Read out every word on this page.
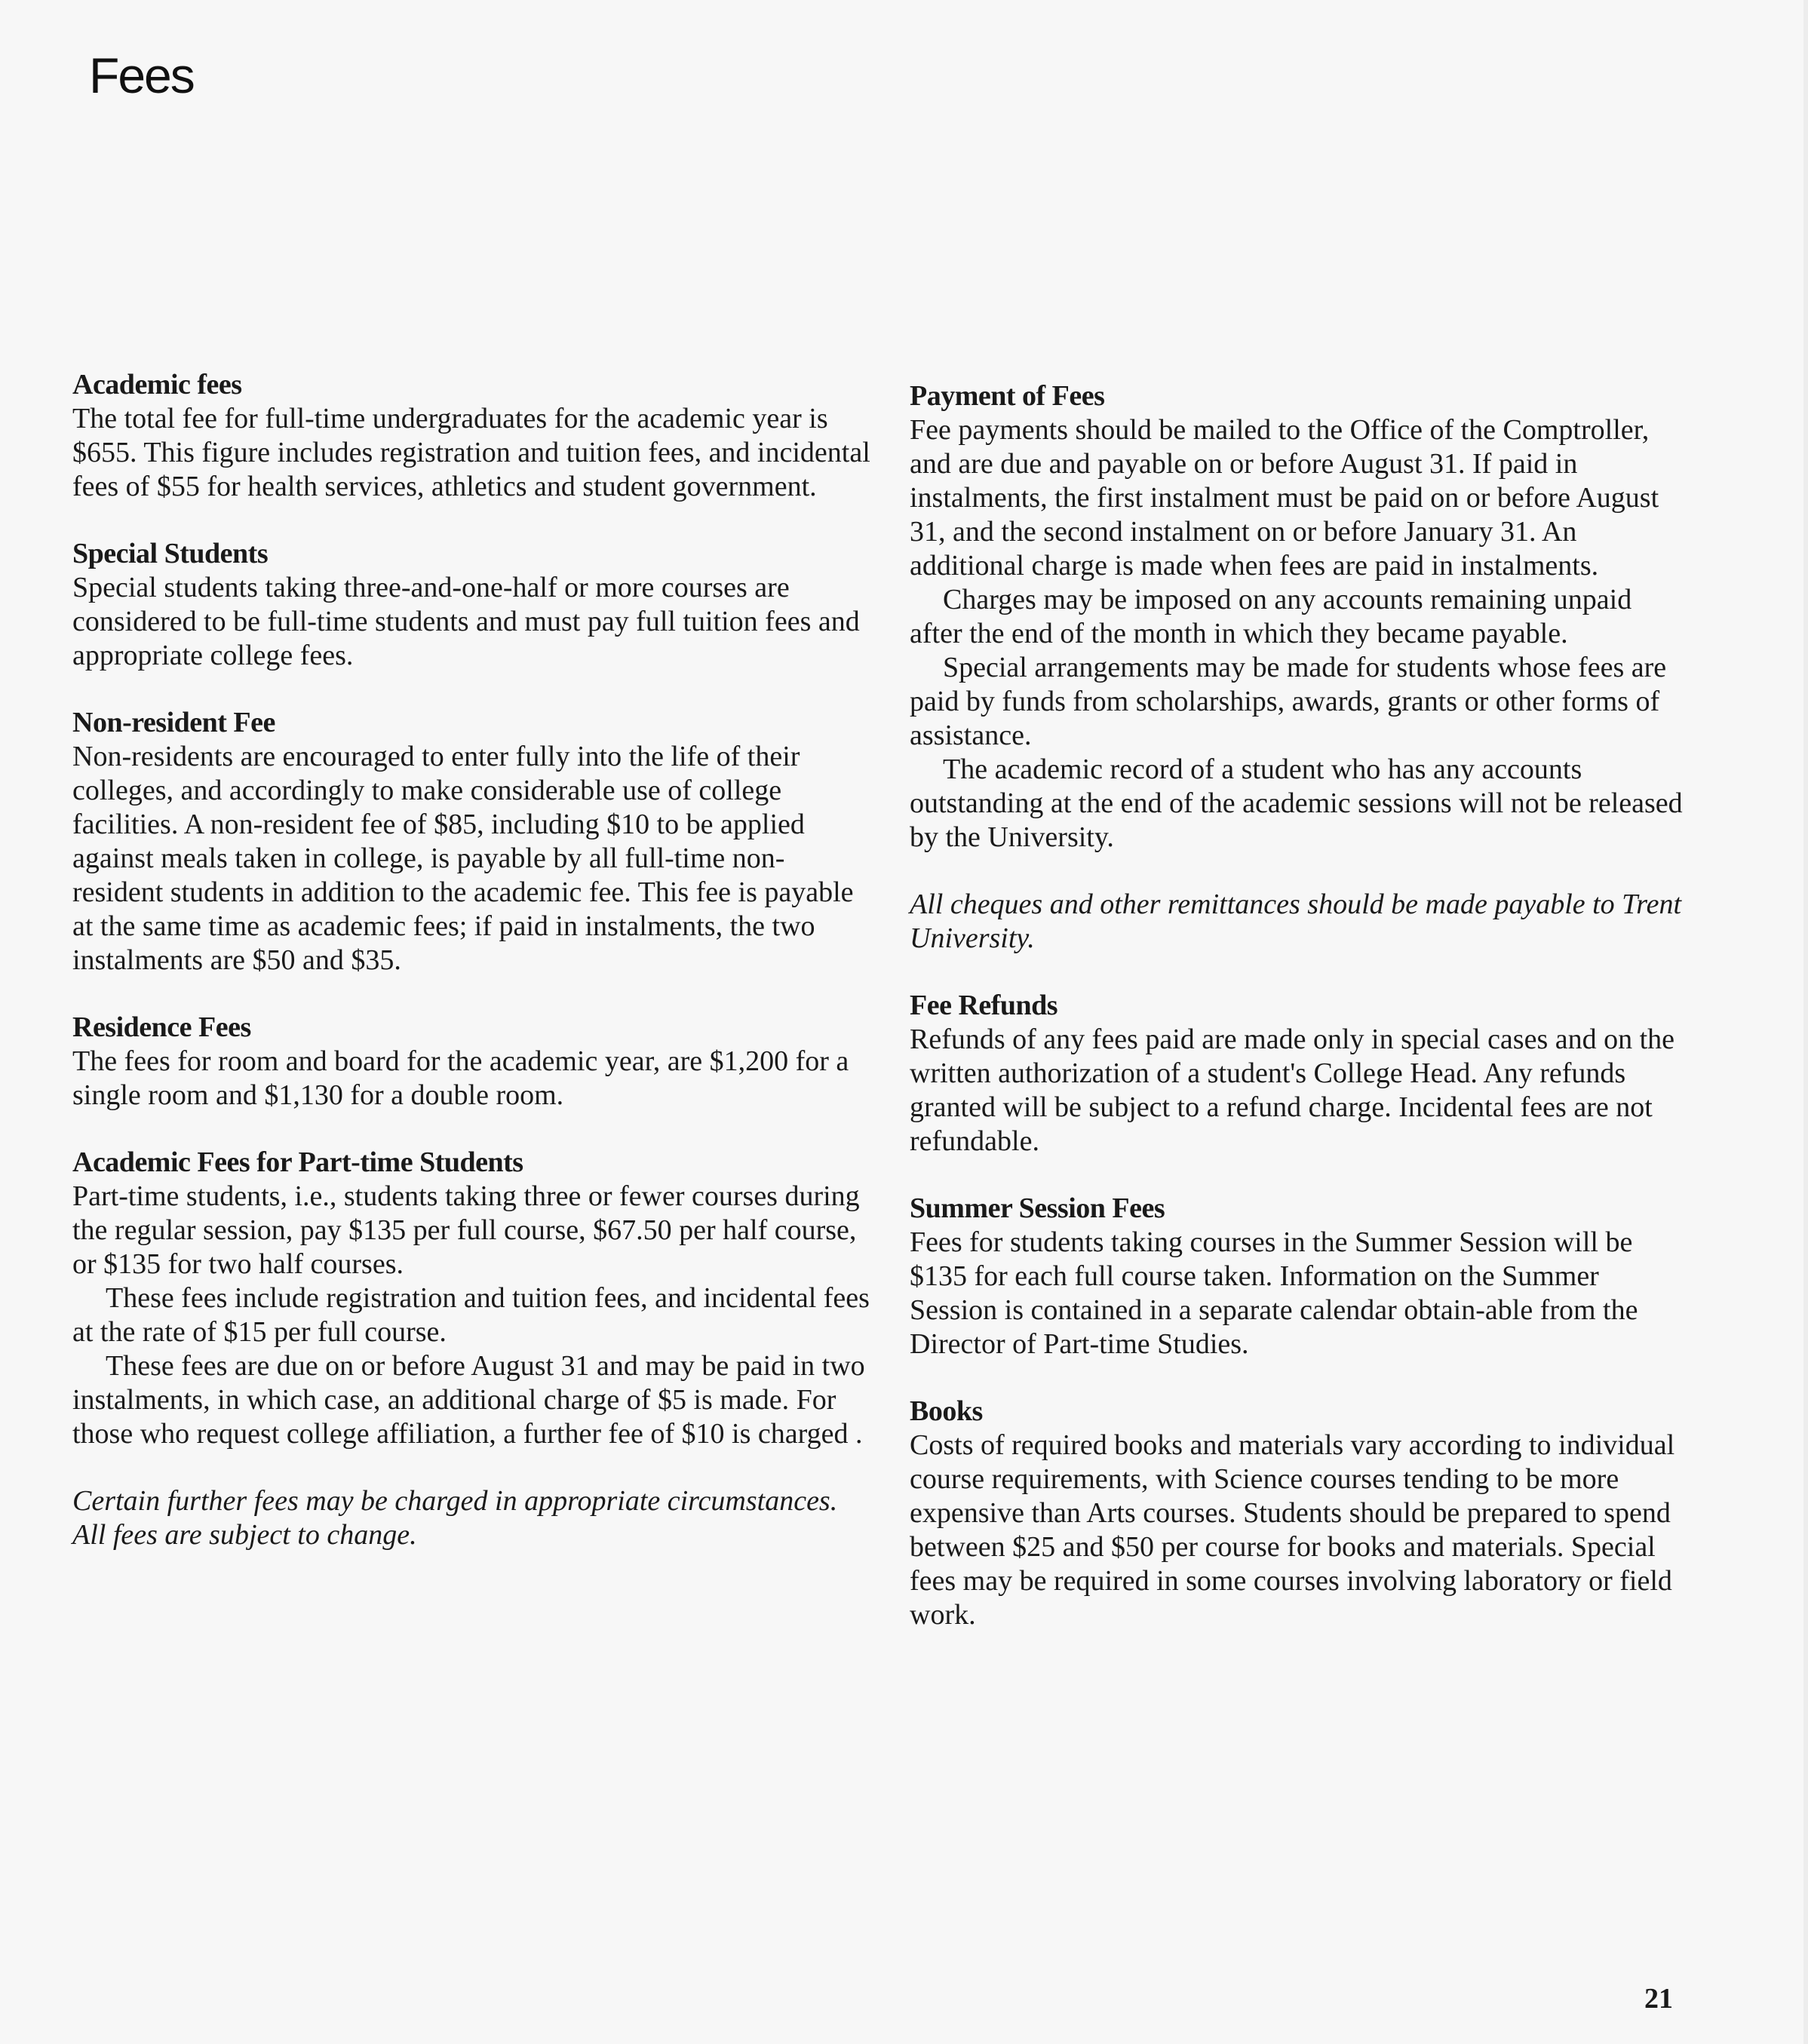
Fees
Academic fees

The total fee for full-time undergraduates for the academic year is $655. This figure includes registration and tuition fees, and incidental fees of $55 for health services, athletics and student government.

Special Students

Special students taking three-and-one-half or more courses are considered to be full-time students and must pay full tuition fees and appropriate college fees.

Non-resident Fee

Non-residents are encouraged to enter fully into the life of their colleges, and accordingly to make considerable use of college facilities. A non-resident fee of $85, including $10 to be applied against meals taken in college, is payable by all full-time non-resident students in addition to the academic fee. This fee is payable at the same time as academic fees; if paid in instalments, the two instalments are $50 and $35.

Residence Fees

The fees for room and board for the academic year, are $1,200 for a single room and $1,130 for a double room.

Academic Fees for Part-time Students

Part-time students, i.e., students taking three or fewer courses during the regular session, pay $135 per full course, $67.50 per half course, or $135 for two half courses.

These fees include registration and tuition fees, and incidental fees at the rate of $15 per full course.

These fees are due on or before August 31 and may be paid in two instalments, in which case, an additional charge of $5 is made. For those who request college affiliation, a further fee of $10 is charged .

Certain further fees may be charged in appropriate circumstances.

All fees are subject to change.

Payment of Fees

Fee payments should be mailed to the Office of the Comptroller, and are due and payable on or before August 31. If paid in instalments, the first instalment must be paid on or before August 31, and the second instalment on or before January 31. An additional charge is made when fees are paid in instalments.

Charges may be imposed on any accounts remaining unpaid after the end of the month in which they became payable.

Special arrangements may be made for students whose fees are paid by funds from scholarships, awards, grants or other forms of assistance.

The academic record of a student who has any accounts outstanding at the end of the academic sessions will not be released by the University.

All cheques and other remittances should be made payable to Trent University.

Fee Refunds

Refunds of any fees paid are made only in special cases and on the written authorization of a student's College Head. Any refunds granted will be subject to a refund charge. Incidental fees are not refundable.

Summer Session Fees

Fees for students taking courses in the Summer Session will be $135 for each full course taken. Information on the Summer Session is contained in a separate calendar obtain-able from the Director of Part-time Studies.

Books

Costs of required books and materials vary according to individual course requirements, with Science courses tending to be more expensive than Arts courses. Students should be prepared to spend between $25 and $50 per course for books and materials. Special fees may be required in some courses involving laboratory or field work.

21
